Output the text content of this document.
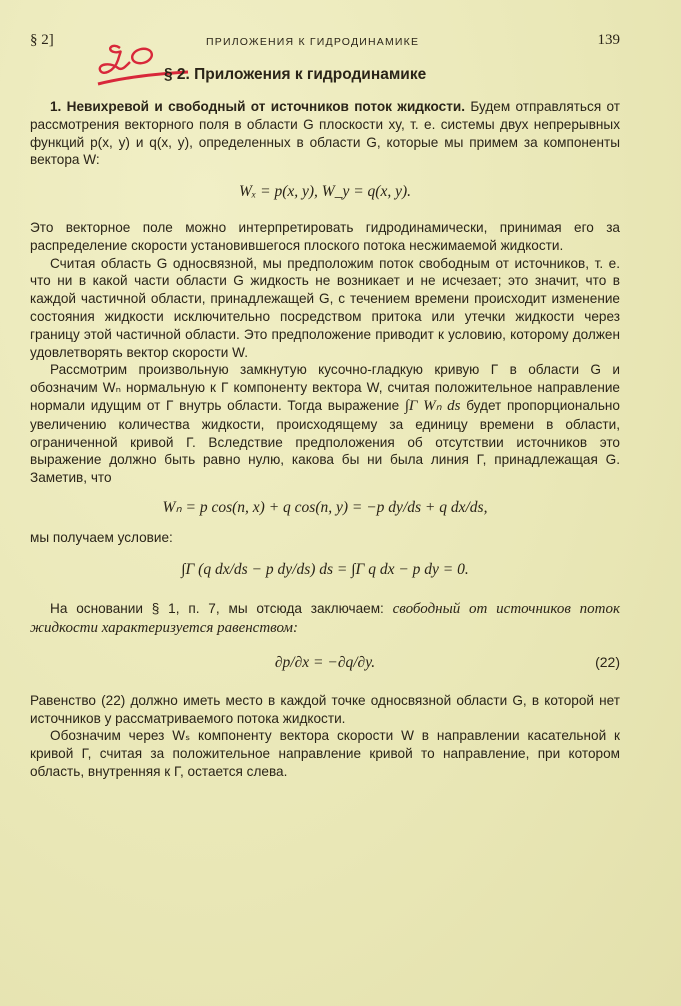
§ 2]	ПРИЛОЖЕНИЯ К ГИДРОДИНАМИКЕ	139
§ 2. Приложения к гидродинамике

1. Невихревой и свободный от источников поток жидкости. Будем отправляться от рассмотрения векторного поля в области G плоскости xy, т. е. системы двух непрерывных функций p(x, y) и q(x, y), определенных в области G, которые мы примем за компоненты вектора W:

Wₓ = p(x, y), W_y = q(x, y).

Это векторное поле можно интерпретировать гидродинамически, принимая его за распределение скорости установившегося плоского потока несжимаемой жидкости.

Считая область G односвязной, мы предположим поток свободным от источников, т. е. что ни в какой части области G жидкость не возникает и не исчезает; это значит, что в каждой частичной области, принадлежащей G, с течением времени происходит изменение состояния жидкости исключительно посредством притока или утечки жидкости через границу этой частичной области. Это предположение приводит к условию, которому должен удовлетворять вектор скорости W.

Рассмотрим произвольную замкнутую кусочно-гладкую кривую Γ в области G и обозначим Wₙ нормальную к Γ компоненту вектора W, считая положительное направление нормали идущим от Γ внутрь области. Тогда выражение ∫Γ Wₙ ds будет пропорционально увеличению количества жидкости, происходящему за единицу времени в области, ограниченной кривой Γ. Вследствие предположения об отсутствии источников это выражение должно быть равно нулю, какова бы ни была линия Γ, принадлежащая G. Заметив, что

Wₙ = p cos(n, x) + q cos(n, y) = −p dy/ds + q dx/ds,

мы получаем условие:

∫Γ (q dx/ds − p dy/ds) ds = ∫Γ q dx − p dy = 0.

На основании § 1, п. 7, мы отсюда заключаем: свободный от источников поток жидкости характеризуется равенством:

∂p/∂x = −∂q/∂y.	(22)

Равенство (22) должно иметь место в каждой точке односвязной области G, в которой нет источников у рассматриваемого потока жидкости.

Обозначим через Wₛ компоненту вектора скорости W в направлении касательной к кривой Γ, считая за положительное направление кривой то направление, при котором область, внутренняя к Γ, остается слева.
